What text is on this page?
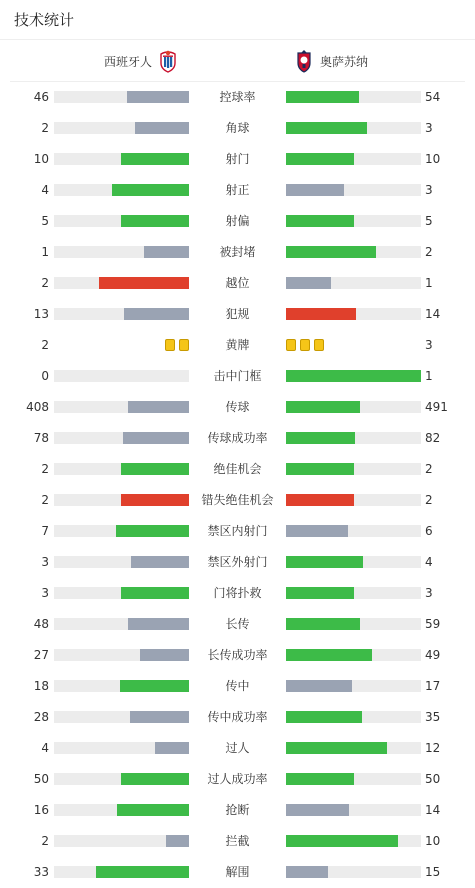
技术统计
西班牙人	奥萨苏纳
46	控球率	54
2	角球	3
10	射门	10
4	射正	3
5	射偏	5
1	被封堵	2
2	越位	1
13	犯规	14
2	黄牌	3
0	击中门框	1
408	传球	491
78	传球成功率	82
2	绝佳机会	2
2	错失绝佳机会	2
7	禁区内射门	6
3	禁区外射门	4
3	门将扑救	3
48	长传	59
27	长传成功率	49
18	传中	17
28	传中成功率	35
4	过人	12
50	过人成功率	50
16	抢断	14
2	拦截	10
33	解围	15
